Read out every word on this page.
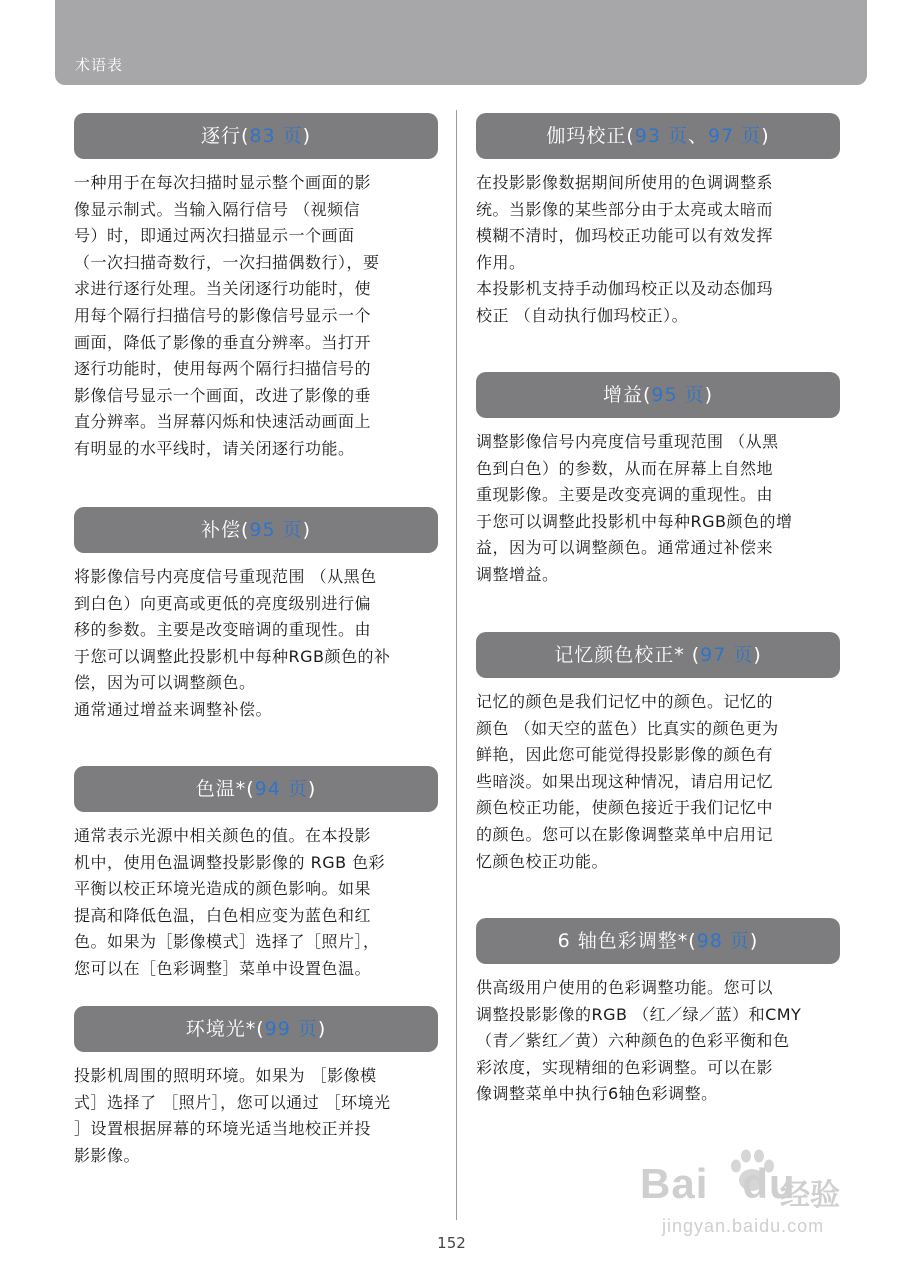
术语表
逐行(83 页)

一种用于在每次扫描时显示整个画面的影

像显示制式。当输入隔行信号 （视频信

号）时，即通过两次扫描显示一个画面

（一次扫描奇数行，一次扫描偶数行），要

求进行逐行处理。当关闭逐行功能时，使

用每个隔行扫描信号的影像信号显示一个

画面，降低了影像的垂直分辨率。当打开

逐行功能时，使用每两个隔行扫描信号的

影像信号显示一个画面，改进了影像的垂

直分辨率。当屏幕闪烁和快速活动画面上

有明显的水平线时，请关闭逐行功能。

补偿(95 页)

将影像信号内亮度信号重现范围 （从黑色

到白色）向更高或更低的亮度级别进行偏

移的参数。主要是改变暗调的重现性。由

于您可以调整此投影机中每种RGB颜色的补

偿，因为可以调整颜色。

通常通过增益来调整补偿。

色温*(94 页)

通常表示光源中相关颜色的值。在本投影

机中，使用色温调整投影影像的 RGB 色彩

平衡以校正环境光造成的颜色影响。如果

提高和降低色温，白色相应变为蓝色和红

色。如果为［影像模式］选择了［照片］，

您可以在［色彩调整］菜单中设置色温。

环境光*(99 页)

投影机周围的照明环境。如果为 ［影像模

式］选择了 ［照片］，您可以通过 ［环境光

］设置根据屏幕的环境光适当地校正并投

影影像。

伽玛校正(93 页、97 页)

在投影影像数据期间所使用的色调调整系

统。当影像的某些部分由于太亮或太暗而

模糊不清时，伽玛校正功能可以有效发挥

作用。

本投影机支持手动伽玛校正以及动态伽玛

校正 （自动执行伽玛校正）。

增益(95 页)

调整影像信号内亮度信号重现范围 （从黑

色到白色）的参数，从而在屏幕上自然地

重现影像。主要是改变亮调的重现性。由

于您可以调整此投影机中每种RGB颜色的增

益，因为可以调整颜色。通常通过补偿来

调整增益。

记忆颜色校正* (97 页)

记忆的颜色是我们记忆中的颜色。记忆的

颜色 （如天空的蓝色）比真实的颜色更为

鲜艳，因此您可能觉得投影影像的颜色有

些暗淡。如果出现这种情况，请启用记忆

颜色校正功能，使颜色接近于我们记忆中

的颜色。您可以在影像调整菜单中启用记

忆颜色校正功能。

6 轴色彩调整*(98 页)

供高级用户使用的色彩调整功能。您可以

调整投影影像的RGB （红／绿／蓝）和CMY

（青／紫红／黄）六种颜色的色彩平衡和色

彩浓度，实现精细的色彩调整。可以在影

像调整菜单中执行6轴色彩调整。

152
Bai du
经验
jingyan.baidu.com
